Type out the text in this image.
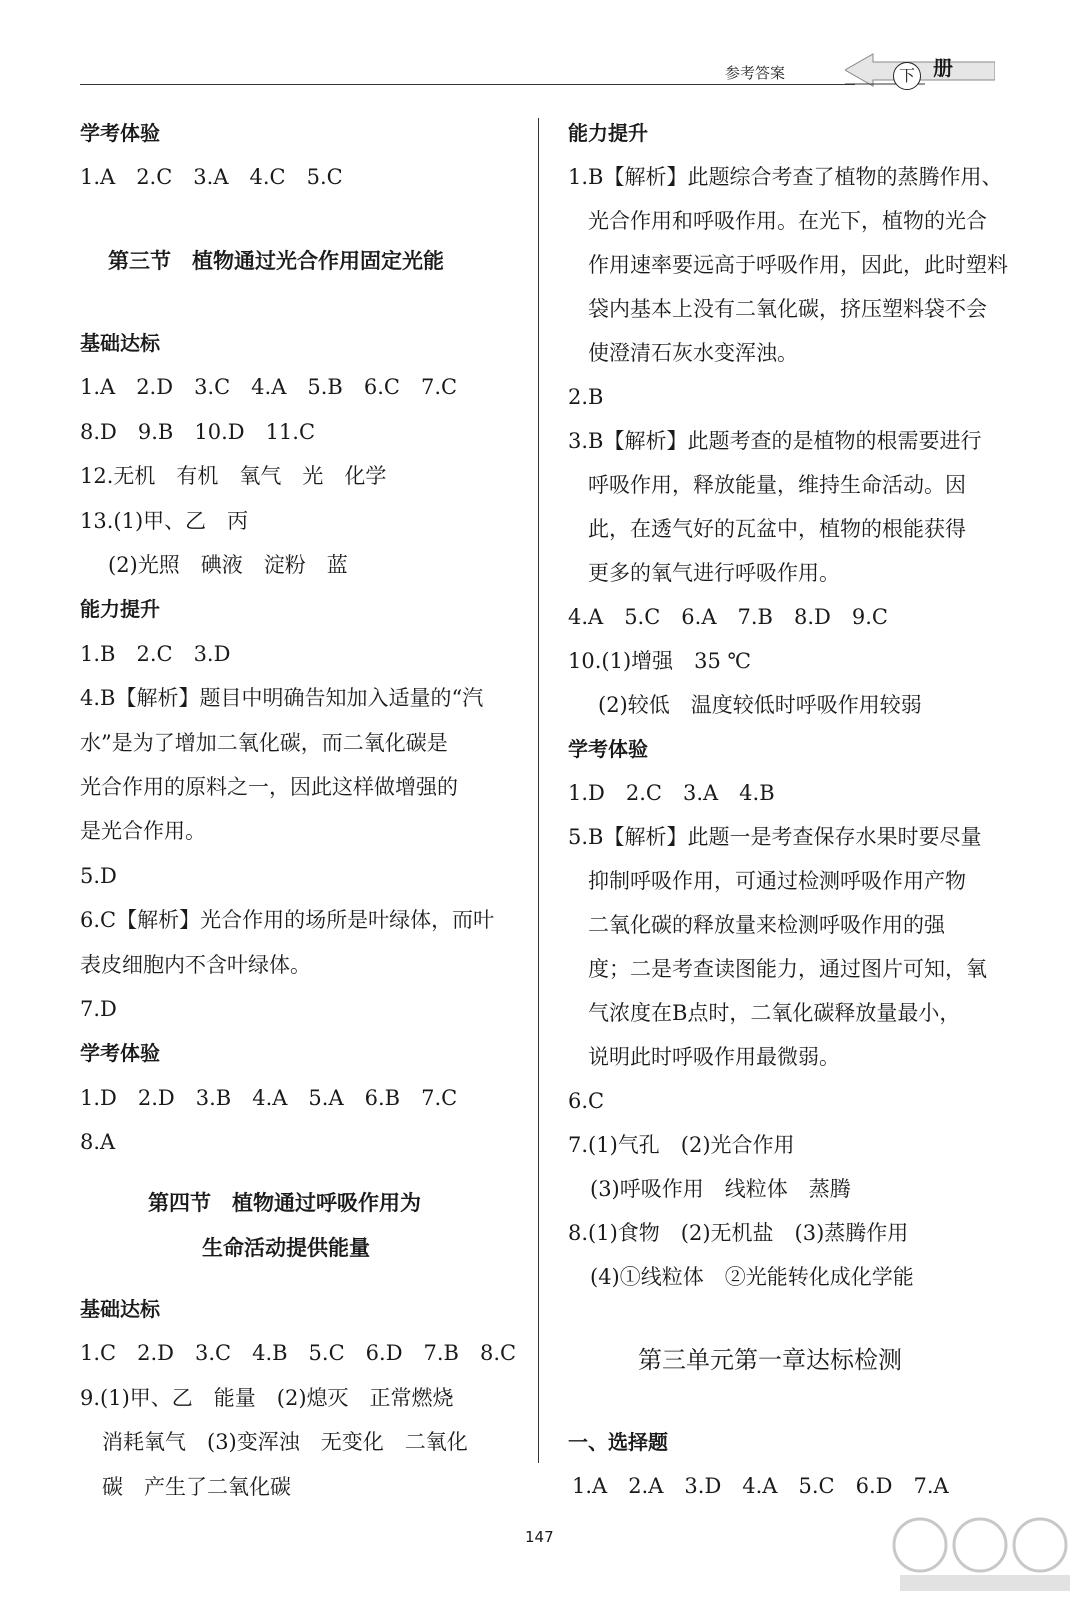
参考答案	下 册
学考体验
1.A　2.C　3.A　4.C　5.C
第三节　植物通过光合作用固定光能
基础达标
1.A　2.D　3.C　4.A　5.B　6.C　7.C
8.D　9.B　10.D　11.C
12.无机　有机　氧气　光　化学
13.(1)甲、乙　丙
(2)光照　碘液　淀粉　蓝
能力提升
1.B　2.C　3.D
4.B【解析】题目中明确告知加入适量的“汽
水”是为了增加二氧化碳，而二氧化碳是
光合作用的原料之一，因此这样做增强的
是光合作用。
5.D
6.C【解析】光合作用的场所是叶绿体，而叶
表皮细胞内不含叶绿体。
7.D
学考体验
1.D　2.D　3.B　4.A　5.A　6.B　7.C
8.A
第四节　植物通过呼吸作用为
生命活动提供能量
基础达标
1.C　2.D　3.C　4.B　5.C　6.D　7.B　8.C
9.(1)甲、乙　能量　(2)熄灭　正常燃烧
消耗氧气　(3)变浑浊　无变化　二氧化
碳　产生了二氧化碳
能力提升
1.B【解析】此题综合考查了植物的蒸腾作用、
光合作用和呼吸作用。在光下，植物的光合
作用速率要远高于呼吸作用，因此，此时塑料
袋内基本上没有二氧化碳，挤压塑料袋不会
使澄清石灰水变浑浊。
2.B
3.B【解析】此题考查的是植物的根需要进行
呼吸作用，释放能量，维持生命活动。因
此，在透气好的瓦盆中，植物的根能获得
更多的氧气进行呼吸作用。
4.A　5.C　6.A　7.B　8.D　9.C
10.(1)增强　35 ℃
(2)较低　温度较低时呼吸作用较弱
学考体验
1.D　2.C　3.A　4.B
5.B【解析】此题一是考查保存水果时要尽量
抑制呼吸作用，可通过检测呼吸作用产物
二氧化碳的释放量来检测呼吸作用的强
度；二是考查读图能力，通过图片可知，氧
气浓度在B点时，二氧化碳释放量最小，
说明此时呼吸作用最微弱。
6.C
7.(1)气孔　(2)光合作用
(3)呼吸作用　线粒体　蒸腾
8.(1)食物　(2)无机盐　(3)蒸腾作用
(4)①线粒体　②光能转化成化学能
第三单元第一章达标检测
一、选择题
1.A　2.A　3.D　4.A　5.C　6.D　7.A
147
